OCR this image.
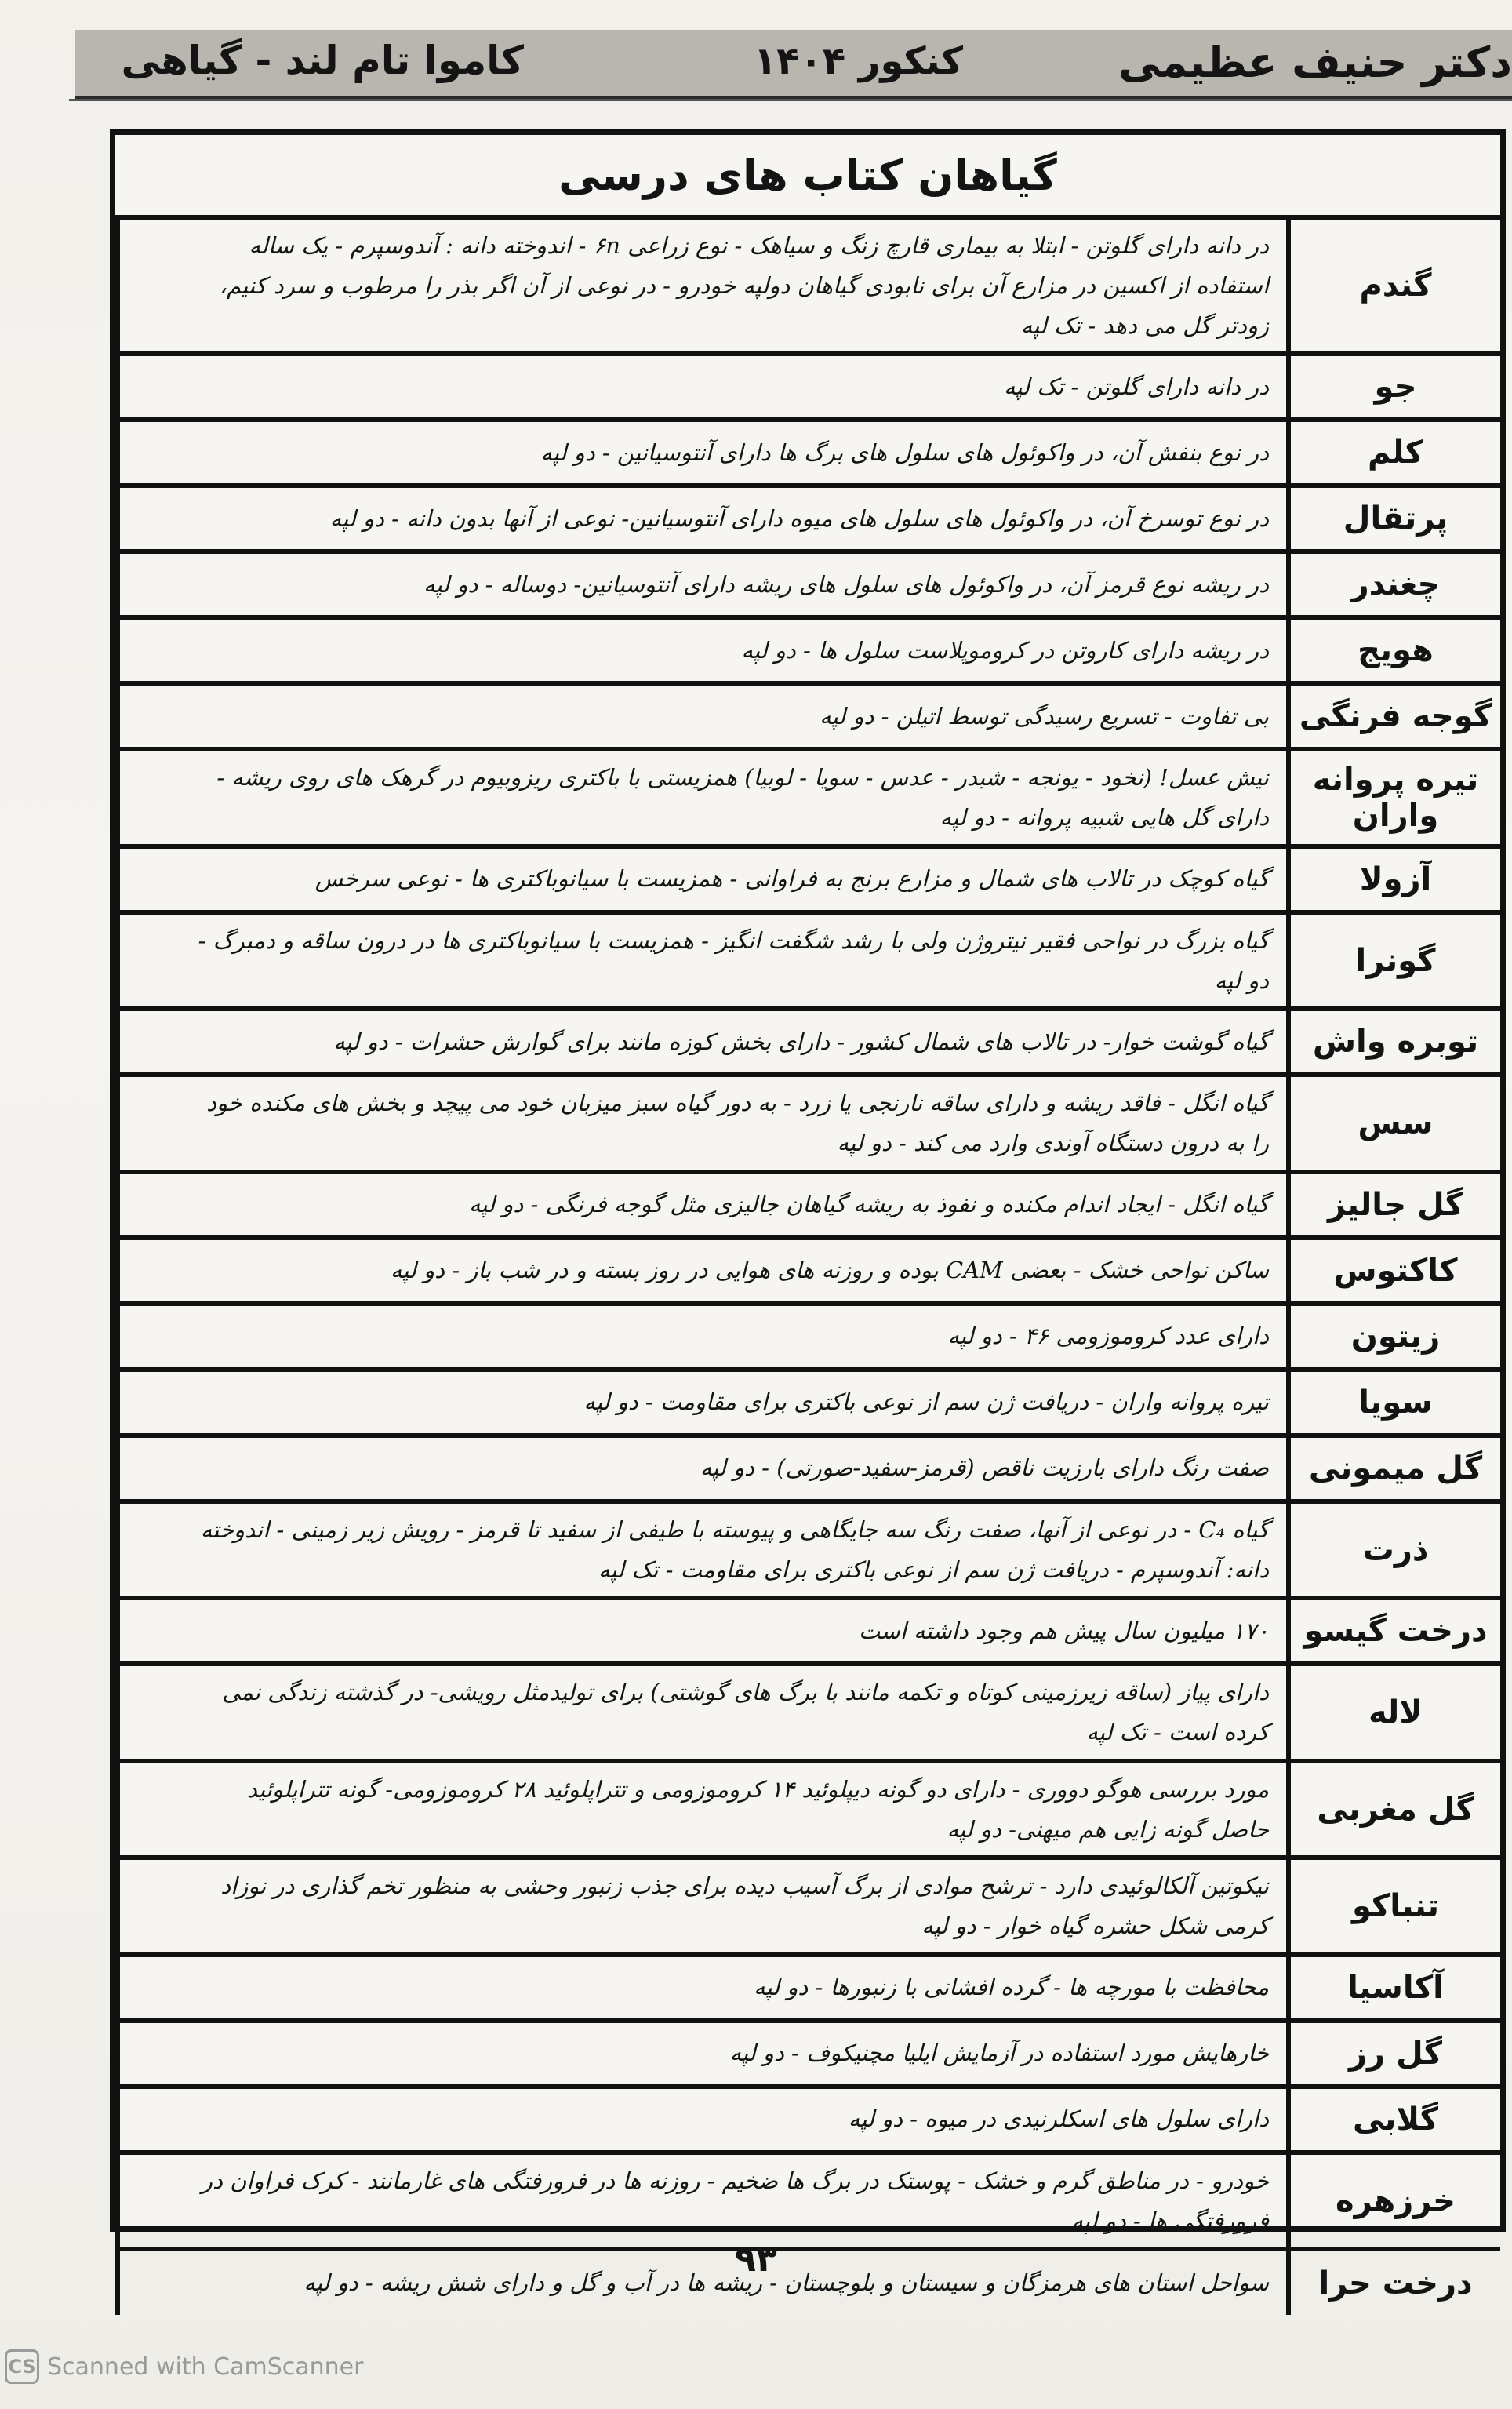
دکتر حنیف عظیمی
کنکور ۱۴۰۴
کاموا تام لند - گیاهی
گیاهان کتاب های درسی
گندم	در دانه دارای گلوتن - ابتلا به بیماری قارچ زنگ و سیاهک - نوع زراعی ۶n - اندوخته دانه : آندوسپرم - یک ساله استفاده از اکسین در مزارع آن برای نابودی گیاهان دولپه خودرو - در نوعی از آن اگر بذر را مرطوب و سرد کنیم، زودتر گل می دهد - تک لپه	
جو	در دانه دارای گلوتن - تک لپه	
کلم	در نوع بنفش آن، در واکوئول های سلول های برگ ها دارای آنتوسیانین - دو لپه	
پرتقال	در نوع توسرخ آن، در واکوئول های سلول های میوه دارای آنتوسیانین- نوعی از آنها بدون دانه - دو لپه	
چغندر	در ریشه نوع قرمز آن، در واکوئول های سلول های ریشه دارای آنتوسیانین- دوساله - دو لپه	
هویج	در ریشه دارای کاروتن در کروموپلاست سلول ها - دو لپه	
گوجه فرنگی	بی تفاوت - تسریع رسیدگی توسط اتیلن - دو لپه	
تیره پروانه واران	نیش عسل! (نخود - یونجه - شبدر - عدس - سویا - لوبیا) همزیستی با باکتری ریزوبیوم در گرهک های روی ریشه - دارای گل هایی شبیه پروانه - دو لپه	
آزولا	گیاه کوچک در تالاب های شمال و مزارع برنج به فراوانی - همزیست با سیانوباکتری ها - نوعی سرخس	
گونرا	گیاه بزرگ در نواحی فقیر نیتروژن ولی با رشد شگفت انگیز - همزیست با سیانوباکتری ها در درون ساقه و دمبرگ - دو لپه	
توبره واش	گیاه گوشت خوار- در تالاب های شمال کشور - دارای بخش کوزه مانند برای گوارش حشرات - دو لپه	
سس	گیاه انگل - فاقد ریشه و دارای ساقه نارنجی یا زرد - به دور گیاه سبز میزبان خود می پیچد و بخش های مکنده خود را به درون دستگاه آوندی وارد می کند - دو لپه	
گل جالیز	گیاه انگل - ایجاد اندام مکنده و نفوذ به ریشه گیاهان جالیزی مثل گوجه فرنگی - دو لپه	
کاکتوس	ساکن نواحی خشک - بعضی CAM بوده و روزنه های هوایی در روز بسته و در شب باز - دو لپه	
زیتون	دارای عدد کروموزومی ۴۶ - دو لپه	
سویا	تیره پروانه واران - دریافت ژن سم از نوعی باکتری برای مقاومت - دو لپه	
گل میمونی	صفت رنگ دارای بارزیت ناقص (قرمز-سفید-صورتی) - دو لپه	
ذرت	گیاه C₄ - در نوعی از آنها، صفت رنگ سه جایگاهی و پیوسته با طیفی از سفید تا قرمز - رویش زیر زمینی - اندوخته دانه: آندوسپرم - دریافت ژن سم از نوعی باکتری برای مقاومت - تک لپه	
درخت گیسو	۱۷۰ میلیون سال پیش هم وجود داشته است	
لاله	دارای پیاز (ساقه زیرزمینی کوتاه و تکمه مانند با برگ های گوشتی) برای تولیدمثل رویشی- در گذشته زندگی نمی کرده است - تک لپه	
گل مغربی	مورد بررسی هوگو دووری - دارای دو گونه دیپلوئید ۱۴ کروموزومی و تتراپلوئید ۲۸ کروموزومی- گونه تتراپلوئید حاصل گونه زایی هم میهنی- دو لپه	
تنباکو	نیکوتین آلکالوئیدی دارد - ترشح موادی از برگ آسیب دیده برای جذب زنبور وحشی به منظور تخم گذاری در نوزاد کرمی شکل حشره گیاه خوار - دو لپه	
آکاسیا	محافظت با مورچه ها - گرده افشانی با زنبورها - دو لپه	
گل رز	خارهایش مورد استفاده در آزمایش ایلیا مچنیکوف - دو لپه	
گلابی	دارای سلول های اسکلرنیدی در میوه - دو لپه	
خرزهره	خودرو - در مناطق گرم و خشک - پوستک در برگ ها ضخیم - روزنه ها در فرورفتگی های غارمانند - کرک فراوان در فرورفتگی ها - دو لپه	
درخت حرا	سواحل استان های هرمزگان و سیستان و بلوچستان - ریشه ها در آب و گل و دارای شش ریشه - دو لپه	
۹۳
CS Scanned with CamScanner
